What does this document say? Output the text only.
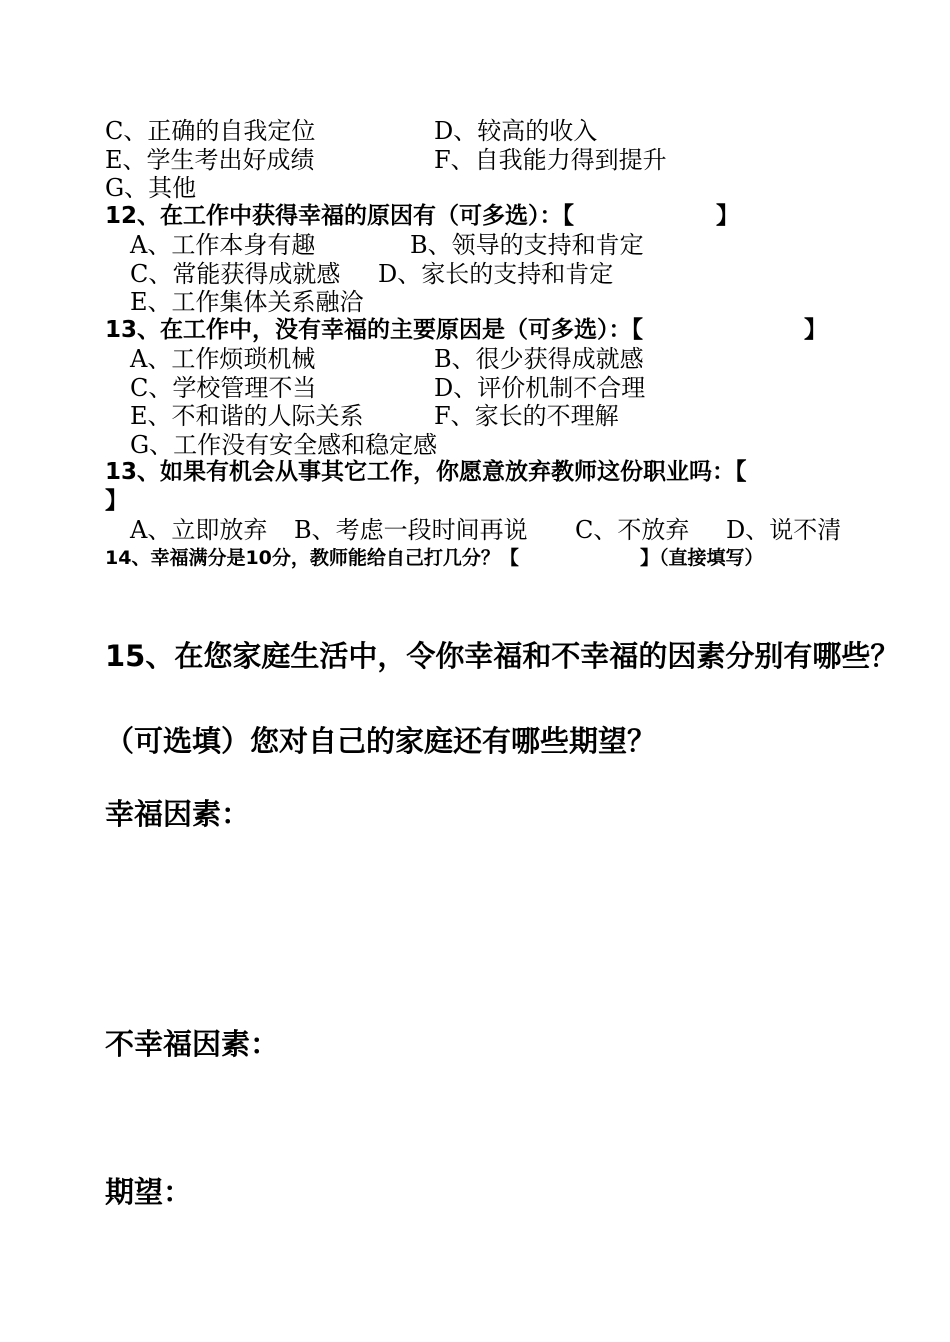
C、正确的自我定位	D、较高的收入
E、学生考出好成绩	F、自我能力得到提升
G、其他
12、在工作中获得幸福的原因有（可多选）：【	】
A、工作本身有趣	B、领导的支持和肯定
C、常能获得成就感 D、家长的支持和肯定
E、工作集体关系融洽
13、在工作中，没有幸福的主要原因是（可多选）：【	】
A、工作烦琐机械	B、很少获得成就感
C、学校管理不当	D、评价机制不合理
E、不和谐的人际关系	F、家长的不理解
G、工作没有安全感和稳定感
13、如果有机会从事其它工作，你愿意放弃教师这份职业吗：【
】
A、立即放弃 B、考虑一段时间再说 C、不放弃 D、说不清
14、幸福满分是10分，教师能给自己打几分？【	】（直接填写）
15、在您家庭生活中，令你幸福和不幸福的因素分别有哪些？
（可选填）您对自己的家庭还有哪些期望？
幸福因素：
不幸福因素：
期望：
